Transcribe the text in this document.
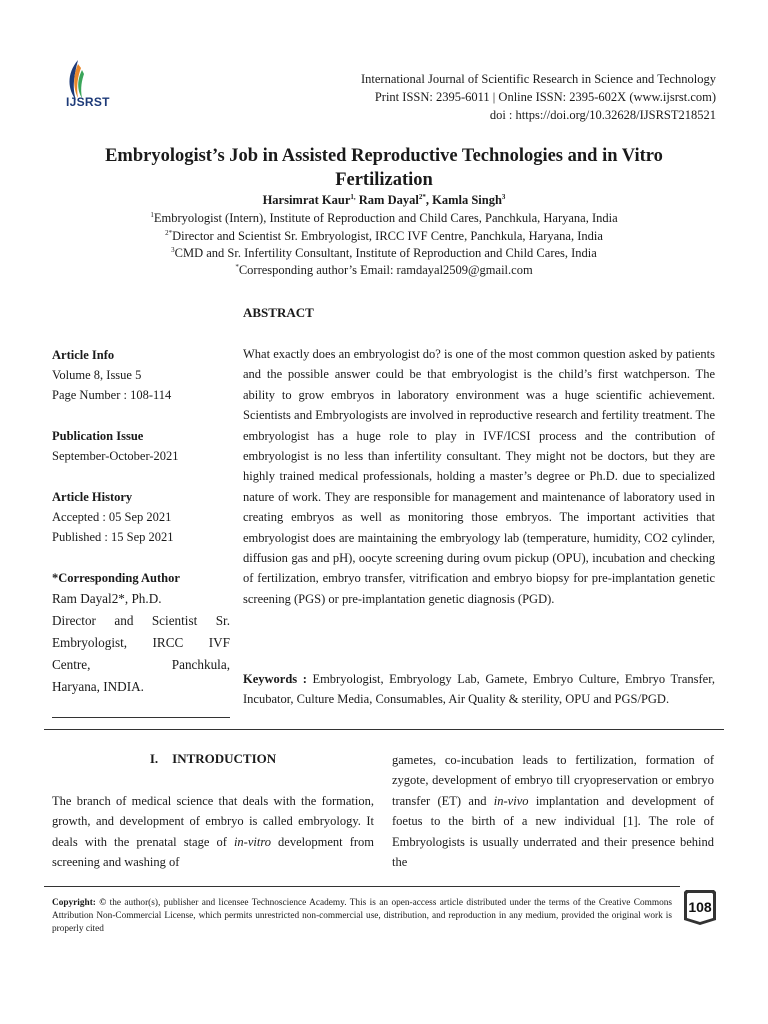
IJSRST
International Journal of Scientific Research in Science and Technology
Print ISSN: 2395-6011 | Online ISSN: 2395-602X (www.ijsrst.com)
doi : https://doi.org/10.32628/IJSRST218521
Embryologist’s Job in Assisted Reproductive Technologies and in Vitro Fertilization
Harsimrat Kaur$^{1,}$ Ram Dayal$^{2*}$, Kamla Singh$^3$
$^1$Embryologist (Intern), Institute of Reproduction and Child Cares, Panchkula, Haryana, India
$^{2*}$Director and Scientist Sr. Embryologist, IRCC IVF Centre, Panchkula, Haryana, India
$^3$CMD and Sr. Infertility Consultant, Institute of Reproduction and Child Cares, India
*Corresponding author’s Email: ramdayal2509@gmail.com
ABSTRACT
Article Info
Volume 8, Issue 5
Page Number : 108-114
Publication Issue
September-October-2021
Article History
Accepted : 05 Sep 2021
Published : 15 Sep 2021
*Corresponding Author
Ram Dayal2*, Ph.D.
Director and Scientist Sr.
Embryologist, IRCC IVF
Centre, Panchkula,
Haryana, INDIA.
What exactly does an embryologist do? is one of the most common question asked by patients and the possible answer could be that embryologist is the child’s first watchperson. The ability to grow embryos in laboratory environment was a huge scientific achievement. Scientists and Embryologists are involved in reproductive research and fertility treatment. The embryologist has a huge role to play in IVF/ICSI process and the contribution of embryologist is no less than infertility consultant. They might not be doctors, but they are highly trained medical professionals, holding a master’s degree or Ph.D. due to specialized nature of work. They are responsible for management and maintenance of laboratory used in creating embryos as well as monitoring those embryos. The important activities that embryologist does are maintaining the embryology lab (temperature, humidity, CO2 cylinder, diffusion gas and pH), oocyte screening during ovum pickup (OPU), incubation and checking of fertilization, embryo transfer, vitrification and embryo biopsy for pre-implantation genetic screening (PGS) or pre-implantation genetic diagnosis (PGD).
Keywords : Embryologist, Embryology Lab, Gamete, Embryo Culture, Embryo Transfer, Incubator, Culture Media, Consumables, Air Quality & sterility, OPU and PGS/PGD.
I. INTRODUCTION
The branch of medical science that deals with the formation, growth, and development of embryo is called embryology. It deals with the prenatal stage of in-vitro development from screening and washing of
gametes, co-incubation leads to fertilization, formation of zygote, development of embryo till cryopreservation or embryo transfer (ET) and in-vivo implantation and development of foetus to the birth of a new individual [1]. The role of Embryologists is usually underrated and their presence behind the
Copyright: © the author(s), publisher and licensee Technoscience Academy. This is an open-access article distributed under the terms of the Creative Commons Attribution Non-Commercial License, which permits unrestricted non-commercial use, distribution, and reproduction in any medium, provided the original work is properly cited
108
